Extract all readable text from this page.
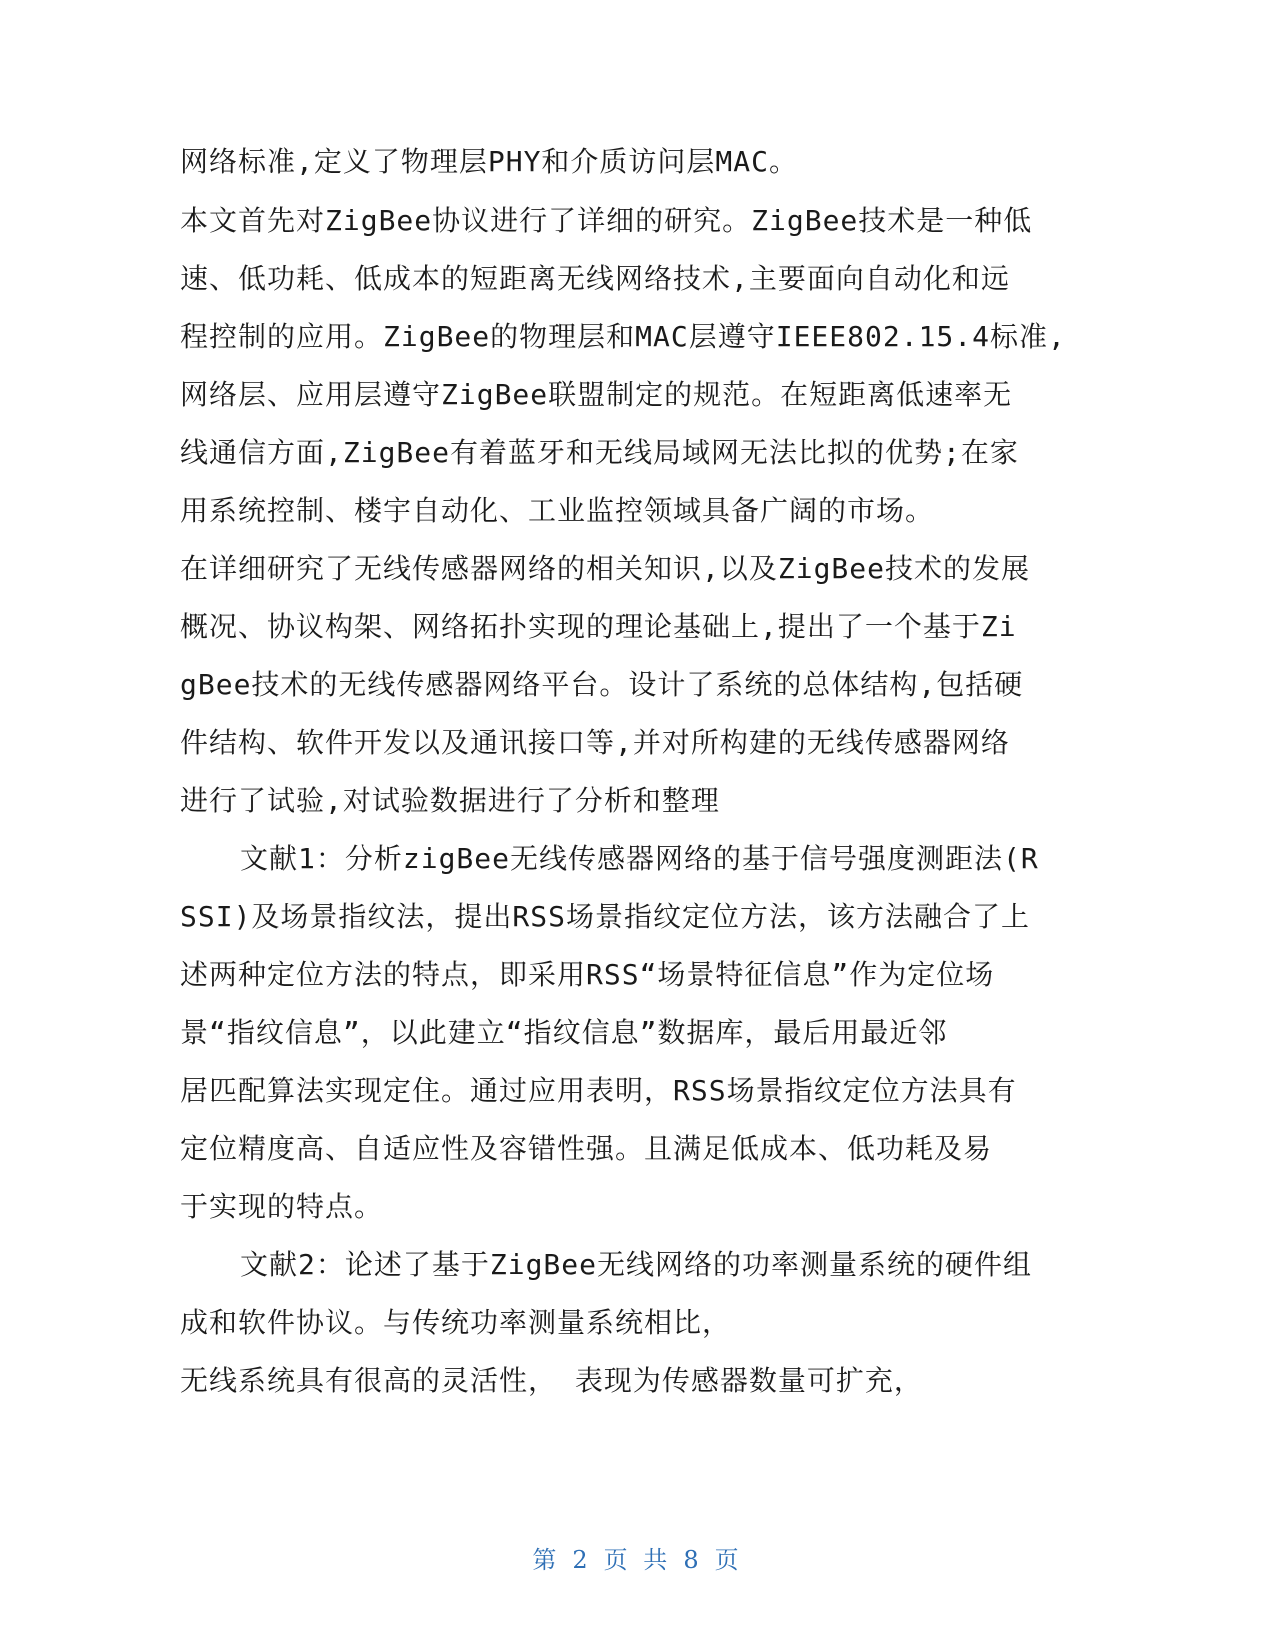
网络标准,定义了物理层PHY和介质访问层MAC。
本文首先对ZigBee协议进行了详细的研究。ZigBee技术是一种低
速、低功耗、低成本的短距离无线网络技术,主要面向自动化和远
程控制的应用。ZigBee的物理层和MAC层遵守IEEE802.15.4标准,
网络层、应用层遵守ZigBee联盟制定的规范。在短距离低速率无
线通信方面,ZigBee有着蓝牙和无线局域网无法比拟的优势;在家
用系统控制、楼宇自动化、工业监控领域具备广阔的市场。
在详细研究了无线传感器网络的相关知识,以及ZigBee技术的发展
概况、协议构架、网络拓扑实现的理论基础上,提出了一个基于Zi
gBee技术的无线传感器网络平台。设计了系统的总体结构,包括硬
件结构、软件开发以及通讯接口等,并对所构建的无线传感器网络
进行了试验,对试验数据进行了分析和整理
文献1：分析zigBee无线传感器网络的基于信号强度测距法(R
SSI)及场景指纹法，提出RSS场景指纹定位方法，该方法融合了上
述两种定位方法的特点，即采用RSS“场景特征信息”作为定位场
景“指纹信息”，以此建立“指纹信息”数据库，最后用最近邻
居匹配算法实现定住。通过应用表明，RSS场景指纹定位方法具有
定位精度高、自适应性及容错性强。且满足低成本、低功耗及易
于实现的特点。
文献2：论述了基于ZigBee无线网络的功率测量系统的硬件组
成和软件协议。与传统功率测量系统相比，
无线系统具有很高的灵活性， 表现为传感器数量可扩充，
第 2 页 共 8 页
